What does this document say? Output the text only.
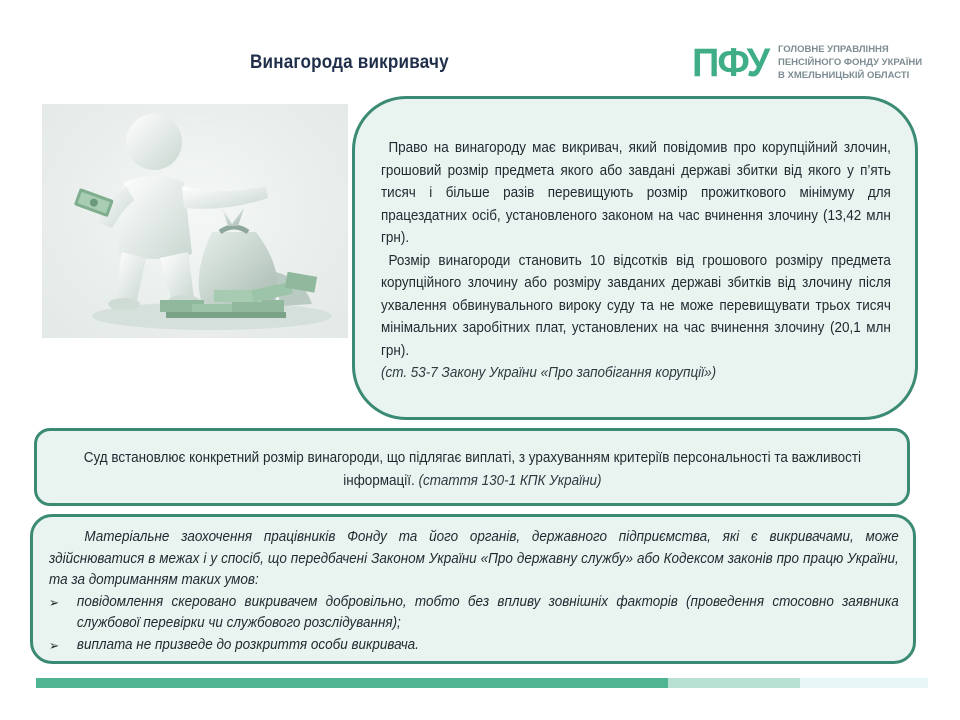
Винагорода викривачу	ПФУ ГОЛОВНЕ УПРАВЛІННЯ
ПЕНСІЙНОГО ФОНДУ УКРАЇНИ
В ХМЕЛЬНИЦЬКІЙ ОБЛАСТІ

Право на винагороду має викривач, який повідомив про корупційний злочин, грошовий розмір предмета якого або завдані державі збитки від якого у п’ять тисяч і більше разів перевищують розмір прожиткового мінімуму для працездатних осіб, установленого законом на час вчинення злочину (13,42 млн грн).

Розмір винагороди становить 10 відсотків від грошового розміру предмета корупційного злочину або розміру завданих державі збитків від злочину після ухвалення обвинувального вироку суду та не може перевищувати трьох тисяч мінімальних заробітних плат, установлених на час вчинення злочину (20,1 млн грн).

(ст. 53-7 Закону України «Про запобігання корупції»)

Суд встановлює конкретний розмір винагороди, що підлягає виплаті, з урахуванням критеріїв персональності та важливості інформації. (стаття 130-1 КПК України)

Матеріальне заохочення працівників Фонду та його органів, державного підприємства, які є викривачами, може здійснюватися в межах і у спосіб, що передбачені Законом України «Про державну службу» або Кодексом законів про працю України, та за дотриманням таких умов:

➢	повідомлення скеровано викривачем добровільно, тобто без впливу зовнішніх факторів (проведення стосовно заявника службової перевірки чи службового розслідування);
➢	виплата не призведе до розкриття особи викривача.
